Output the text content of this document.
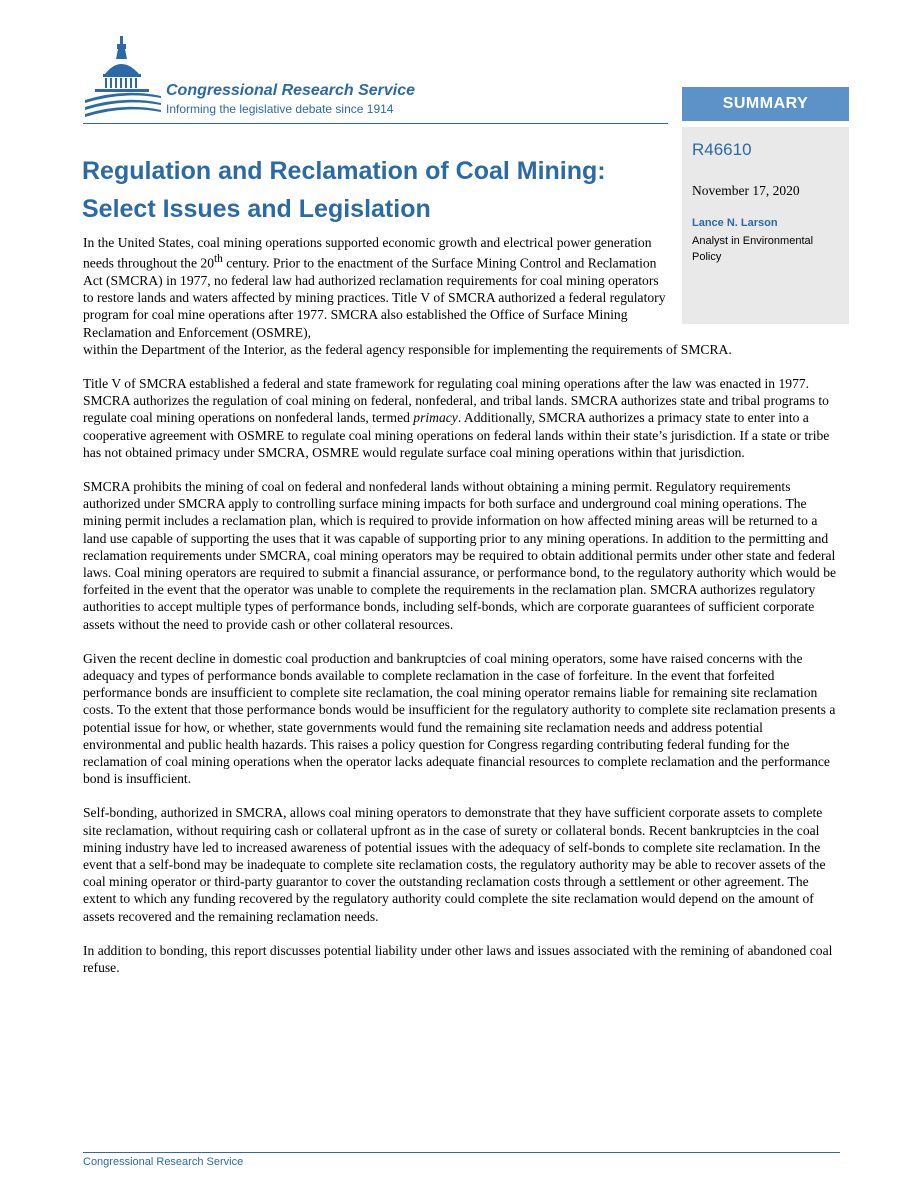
Congressional Research Service
Informing the legislative debate since 1914	SUMMARY
R46610
November 17, 2020
Lance N. Larson
Analyst in Environmental Policy
Regulation and Reclamation of Coal Mining:
Select Issues and Legislation

In the United States, coal mining operations supported economic growth and electrical power generation needs throughout the 20th century. Prior to the enactment of the Surface Mining Control and Reclamation Act (SMCRA) in 1977, no federal law had authorized reclamation requirements for coal mining operators to restore lands and waters affected by mining practices. Title V of SMCRA authorized a federal regulatory program for coal mine operations after 1977. SMCRA also established the Office of Surface Mining Reclamation and Enforcement (OSMRE),

within the Department of the Interior, as the federal agency responsible for implementing the requirements of SMCRA.

Title V of SMCRA established a federal and state framework for regulating coal mining operations after the law was enacted in 1977. SMCRA authorizes the regulation of coal mining on federal, nonfederal, and tribal lands. SMCRA authorizes state and tribal programs to regulate coal mining operations on nonfederal lands, termed primacy. Additionally, SMCRA authorizes a primacy state to enter into a cooperative agreement with OSMRE to regulate coal mining operations on federal lands within their state’s jurisdiction. If a state or tribe has not obtained primacy under SMCRA, OSMRE would regulate surface coal mining operations within that jurisdiction.

SMCRA prohibits the mining of coal on federal and nonfederal lands without obtaining a mining permit. Regulatory requirements authorized under SMCRA apply to controlling surface mining impacts for both surface and underground coal mining operations. The mining permit includes a reclamation plan, which is required to provide information on how affected mining areas will be returned to a land use capable of supporting the uses that it was capable of supporting prior to any mining operations. In addition to the permitting and reclamation requirements under SMCRA, coal mining operators may be required to obtain additional permits under other state and federal laws. Coal mining operators are required to submit a financial assurance, or performance bond, to the regulatory authority which would be forfeited in the event that the operator was unable to complete the requirements in the reclamation plan. SMCRA authorizes regulatory authorities to accept multiple types of performance bonds, including self-bonds, which are corporate guarantees of sufficient corporate assets without the need to provide cash or other collateral resources.

Given the recent decline in domestic coal production and bankruptcies of coal mining operators, some have raised concerns with the adequacy and types of performance bonds available to complete reclamation in the case of forfeiture. In the event that forfeited performance bonds are insufficient to complete site reclamation, the coal mining operator remains liable for remaining site reclamation costs. To the extent that those performance bonds would be insufficient for the regulatory authority to complete site reclamation presents a potential issue for how, or whether, state governments would fund the remaining site reclamation needs and address potential environmental and public health hazards. This raises a policy question for Congress regarding contributing federal funding for the reclamation of coal mining operations when the operator lacks adequate financial resources to complete reclamation and the performance bond is insufficient.

Self-bonding, authorized in SMCRA, allows coal mining operators to demonstrate that they have sufficient corporate assets to complete site reclamation, without requiring cash or collateral upfront as in the case of surety or collateral bonds. Recent bankruptcies in the coal mining industry have led to increased awareness of potential issues with the adequacy of self-bonds to complete site reclamation. In the event that a self-bond may be inadequate to complete site reclamation costs, the regulatory authority may be able to recover assets of the coal mining operator or third-party guarantor to cover the outstanding reclamation costs through a settlement or other agreement. The extent to which any funding recovered by the regulatory authority could complete the site reclamation would depend on the amount of assets recovered and the remaining reclamation needs.

In addition to bonding, this report discusses potential liability under other laws and issues associated with the remining of abandoned coal refuse.

Congressional Research Service
